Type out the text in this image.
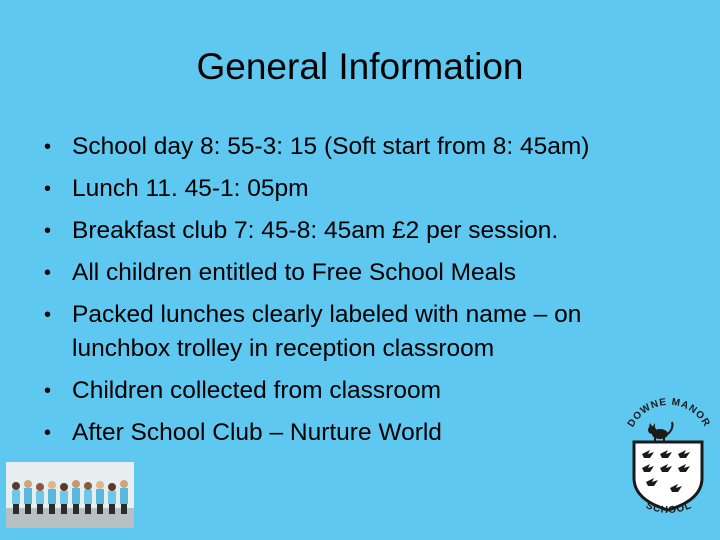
General Information
• School day 8: 55-3: 15 (Soft start from 8: 45am)
• Lunch 11. 45-1: 05pm
• Breakfast club 7: 45-8: 45am £2 per session.
• All children entitled to Free School Meals
• Packed lunches clearly labeled with name – on lunchbox trolley in reception classroom
• Children collected from classroom
• After School Club – Nurture World	DOWNE MANOR
SCHOOL
